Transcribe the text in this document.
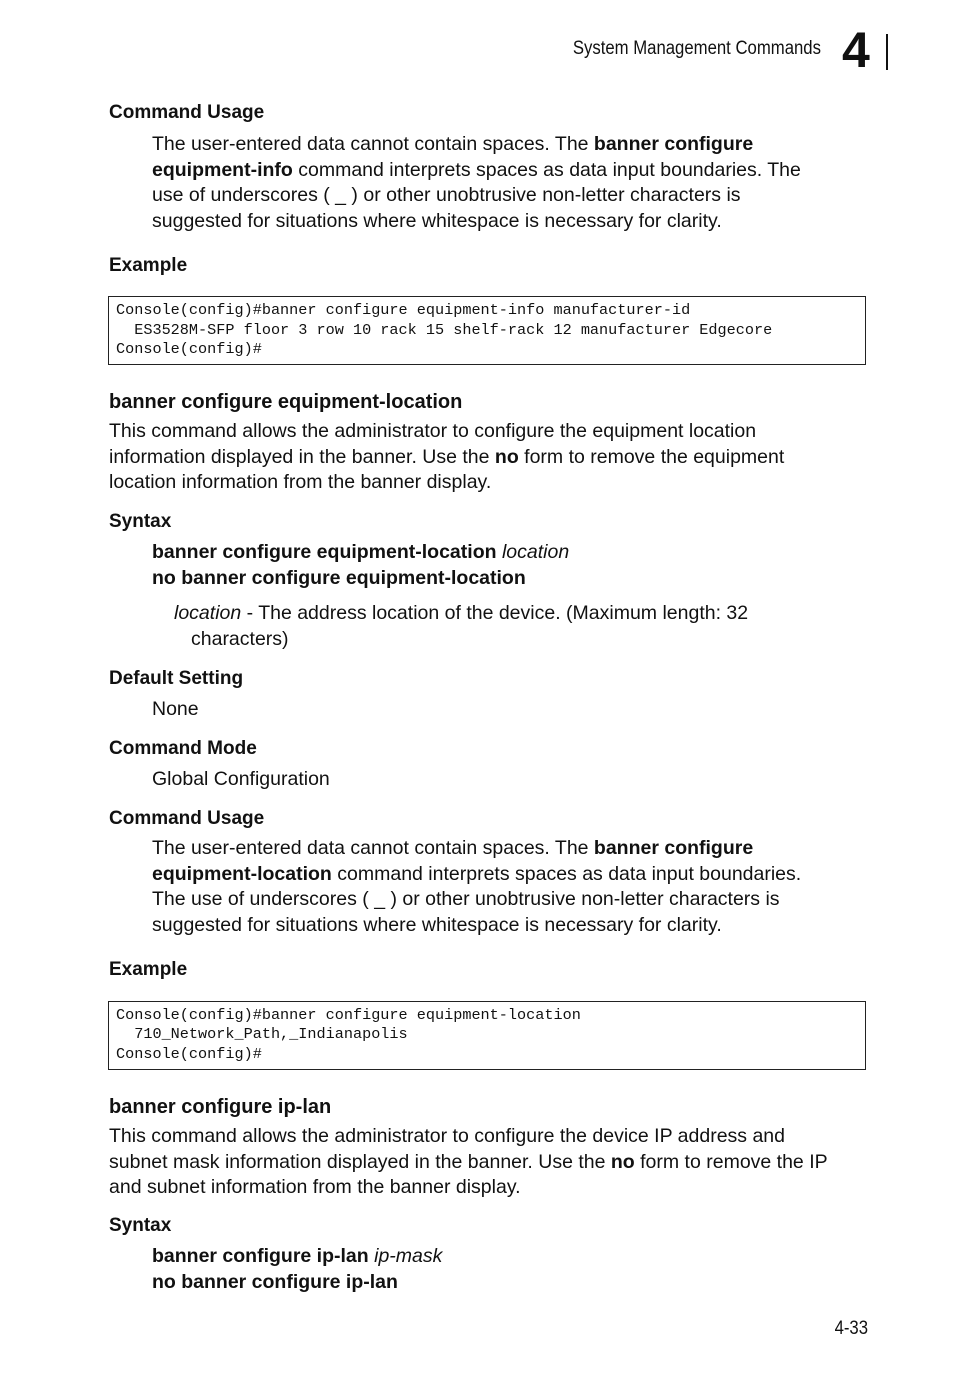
System Management Commands 4
Command Usage
The user-entered data cannot contain spaces. The banner configure
equipment-info command interprets spaces as data input boundaries. The
use of underscores ( _ ) or other unobtrusive non-letter characters is
suggested for situations where whitespace is necessary for clarity.
Example
Console(config)#banner configure equipment-info manufacturer-id
ES3528M-SFP floor 3 row 10 rack 15 shelf-rack 12 manufacturer Edgecore
Console(config)#
banner configure equipment-location
This command allows the administrator to configure the equipment location
information displayed in the banner. Use the no form to remove the equipment
location information from the banner display.
Syntax
banner configure equipment-location location
no banner configure equipment-location
location - The address location of the device. (Maximum length: 32
characters)
Default Setting
None
Command Mode
Global Configuration
Command Usage
The user-entered data cannot contain spaces. The banner configure
equipment-location command interprets spaces as data input boundaries.
The use of underscores ( _ ) or other unobtrusive non-letter characters is
suggested for situations where whitespace is necessary for clarity.
Example
Console(config)#banner configure equipment-location
710_Network_Path,_Indianapolis
Console(config)#
banner configure ip-lan
This command allows the administrator to configure the device IP address and
subnet mask information displayed in the banner. Use the no form to remove the IP
and subnet information from the banner display.
Syntax
banner configure ip-lan ip-mask
no banner configure ip-lan
4-33
